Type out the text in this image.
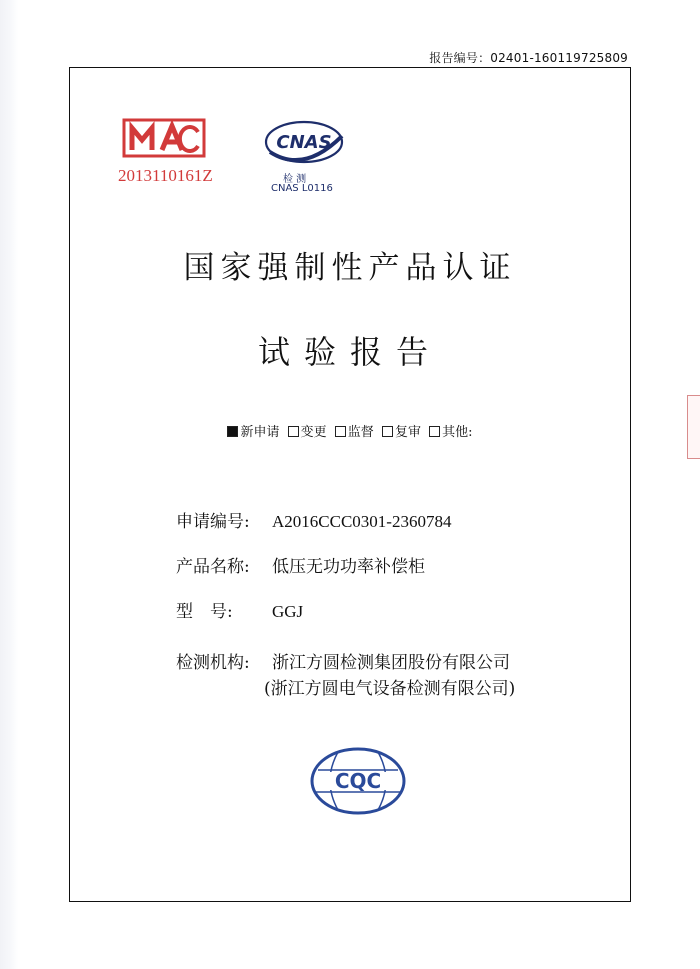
报告编号：02401-160119725809
2013110161Z
CNAS
检 测
CNAS L0116
国家强制性产品认证
试验报告
新申请 变更 监督 复审 其他:
申请编号: A2016CCC0301-2360784
产品名称: 低压无功功率补偿柜
型　号: GGJ
检测机构: 浙江方圆检测集团股份有限公司
(浙江方圆电气设备检测有限公司)
CQC
